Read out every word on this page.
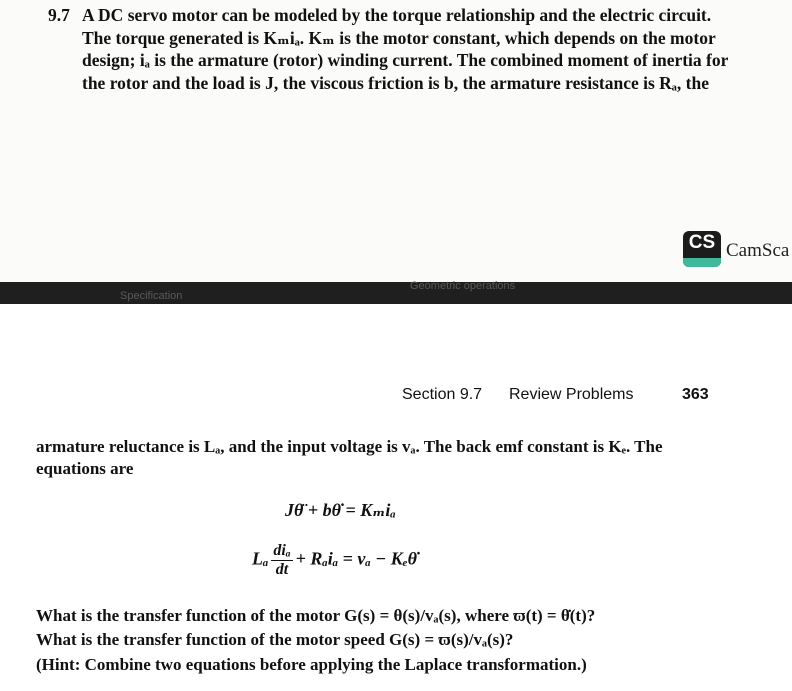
9.7 A DC servo motor can be modeled by the torque relationship and the electric circuit.
The torque generated is Kₘiₐ. Kₘ is the motor constant, which depends on the motor
design; iₐ is the armature (rotor) winding current. The combined moment of inertia for
the rotor and the load is J, the viscous friction is b, the armature resistance is Rₐ, the
CS CamSca
Specification
Geometric operations
Section 9.7 Review Problems	363
armature reluctance is Lₐ, and the input voltage is vₐ. The back emf constant is Kₑ. The
equations are
Jθ̈ + bθ̇ = Kₘiₐ
Lₐ $\frac{\text{diₐ}}{dt} + R_ai_a = v_a$ − Kₑθ̇
What is the transfer function of the motor G(s) = θ(s)/vₐ(s), where ϖ(t) = θ̇(t)?
What is the transfer function of the motor speed G(s) = ϖ(s)/vₐ(s)?
(Hint: Combine two equations before applying the Laplace transformation.)
